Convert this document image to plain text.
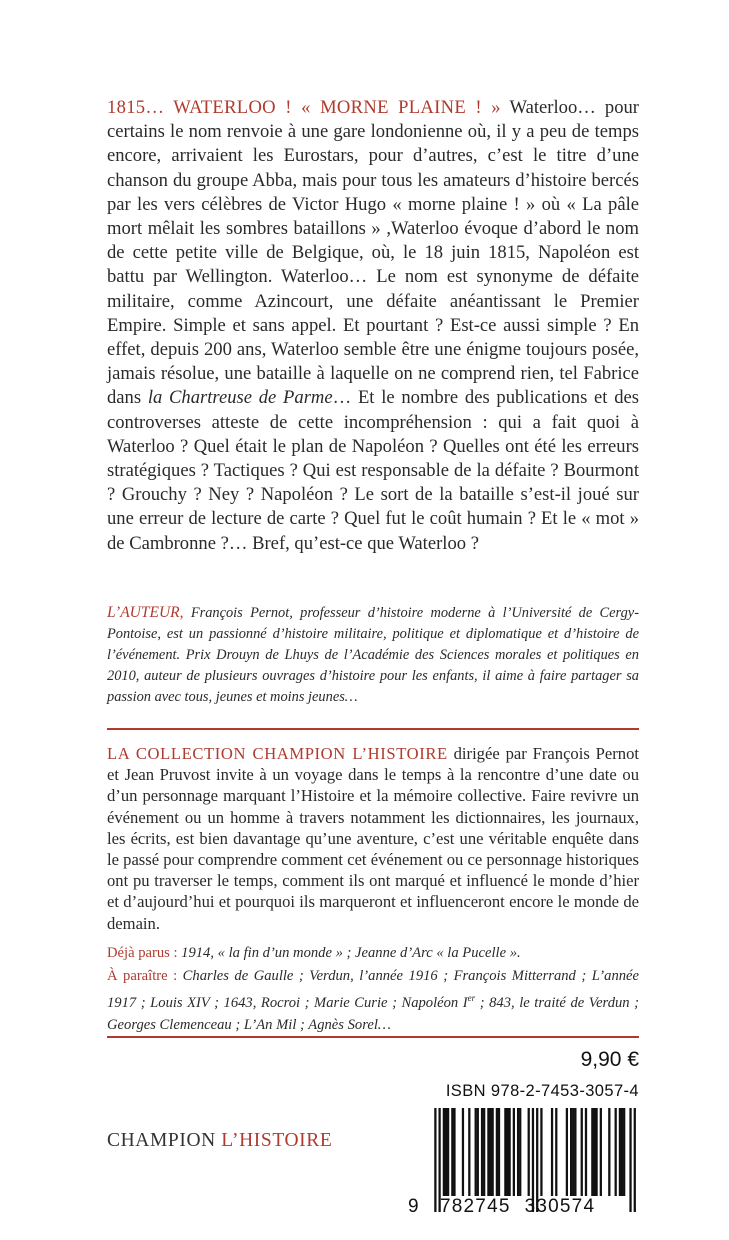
1815… WATERLOO ! « MORNE PLAINE ! » Waterloo… pour certains le nom renvoie à une gare londonienne où, il y a peu de temps encore, arrivaient les Eurostars, pour d’autres, c’est le titre d’une chanson du groupe Abba, mais pour tous les amateurs d’histoire bercés par les vers célèbres de Victor Hugo « morne plaine ! » où « La pâle mort mêlait les sombres bataillons » ,Waterloo évoque d’abord le nom de cette petite ville de Belgique, où, le 18 juin 1815, Napoléon est battu par Wellington. Waterloo… Le nom est synonyme de défaite militaire, comme Azincourt, une défaite anéantissant le Premier Empire. Simple et sans appel. Et pourtant ? Est-ce aussi simple ? En effet, depuis 200 ans, Waterloo semble être une énigme toujours posée, jamais résolue, une bataille à laquelle on ne comprend rien, tel Fabrice dans la Chartreuse de Parme… Et le nombre des publications et des controverses atteste de cette incompréhension : qui a fait quoi à Waterloo ? Quel était le plan de Napoléon ? Quelles ont été les erreurs stratégiques ? Tactiques ? Qui est responsable de la défaite ? Bourmont ? Grouchy ? Ney ? Napoléon ? Le sort de la bataille s’est-il joué sur une erreur de lecture de carte ? Quel fut le coût humain ? Et le « mot » de Cambronne ?… Bref, qu’est-ce que Waterloo ?

L’AUTEUR, François Pernot, professeur d’histoire moderne à l’Université de Cergy-Pontoise, est un passionné d’histoire militaire, politique et diplomatique et d’histoire de l’événement. Prix Drouyn de Lhuys de l’Académie des Sciences morales et politiques en 2010, auteur de plusieurs ouvrages d’histoire pour les enfants, il aime à faire partager sa passion avec tous, jeunes et moins jeunes…

LA COLLECTION CHAMPION L’HISTOIRE dirigée par François Pernot et Jean Pruvost invite à un voyage dans le temps à la rencontre d’une date ou d’un personnage marquant l’Histoire et la mémoire collective. Faire revivre un événement ou un homme à travers notamment les dictionnaires, les journaux, les écrits, est bien davantage qu’une aventure, c’est une véritable enquête dans le passé pour comprendre comment cet événement ou ce personnage historiques ont pu traverser le temps, comment ils ont marqué et influencé le monde d’hier et d’aujourd’hui et pourquoi ils marqueront et influenceront encore le monde de demain.

Déjà parus : 1914, « la fin d’un monde » ; Jeanne d’Arc « la Pucelle ».

À paraître : Charles de Gaulle ; Verdun, l’année 1916 ; François Mitterrand ; L’année 1917 ; Louis XIV ; 1643, Rocroi ; Marie Curie ; Napoléon Ier ; 843, le traité de Verdun ; Georges Clemenceau ; L’An Mil ; Agnès Sorel…

9,90 €
ISBN 978-2-7453-3057-4
CHAMPION L’HISTOIRE
9 782745 330574
